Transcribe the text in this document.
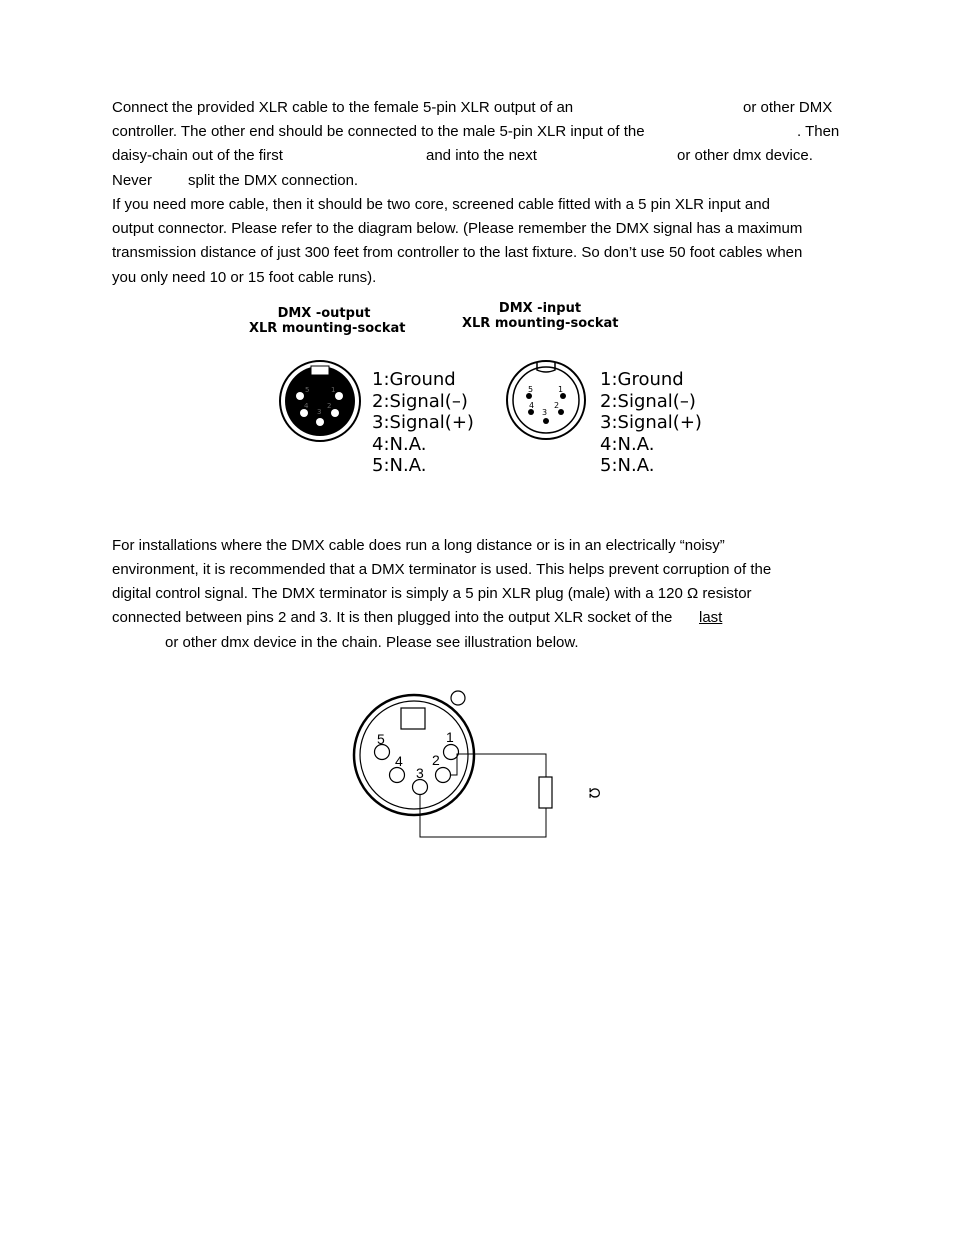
Connect the provided XLR cable to the female 5-pin XLR output of an	or other DMX
controller. The other end should be connected to the male 5-pin XLR input of the	. Then
daisy-chain out of the first	and into the next	or other dmx device.
Never split the DMX connection.
If you need more cable, then it should be two core, screened cable fitted with a 5 pin XLR input and
output connector. Please refer to the diagram below. (Please remember the DMX signal has a maximum
transmission distance of just 300 feet from controller to the last fixture. So don’t use 50 foot cables when
you only need 10 or 15 foot cable runs).
DMX -output
XLR mounting-sockat
5	1
4	2
3
1:Ground
2:Signal(–)
3:Signal(+)
4:N.A.
5:N.A.
DMX -input
XLR mounting-sockat
5	1
4 2
3
1:Ground
2:Signal(–)
3:Signal(+)
4:N.A.
5:N.A.
For installations where the DMX cable does run a long distance or is in an electrically “noisy”
environment, it is recommended that a DMX terminator is used. This helps prevent corruption of the
digital control signal. The DMX terminator is simply a 5 pin XLR plug (male) with a 120 Ω resistor
connected between pins 2 and 3. It is then plugged into the output XLR socket of the last
or other dmx device in the chain. Please see illustration below.
1
2
3
4
5
Ω
